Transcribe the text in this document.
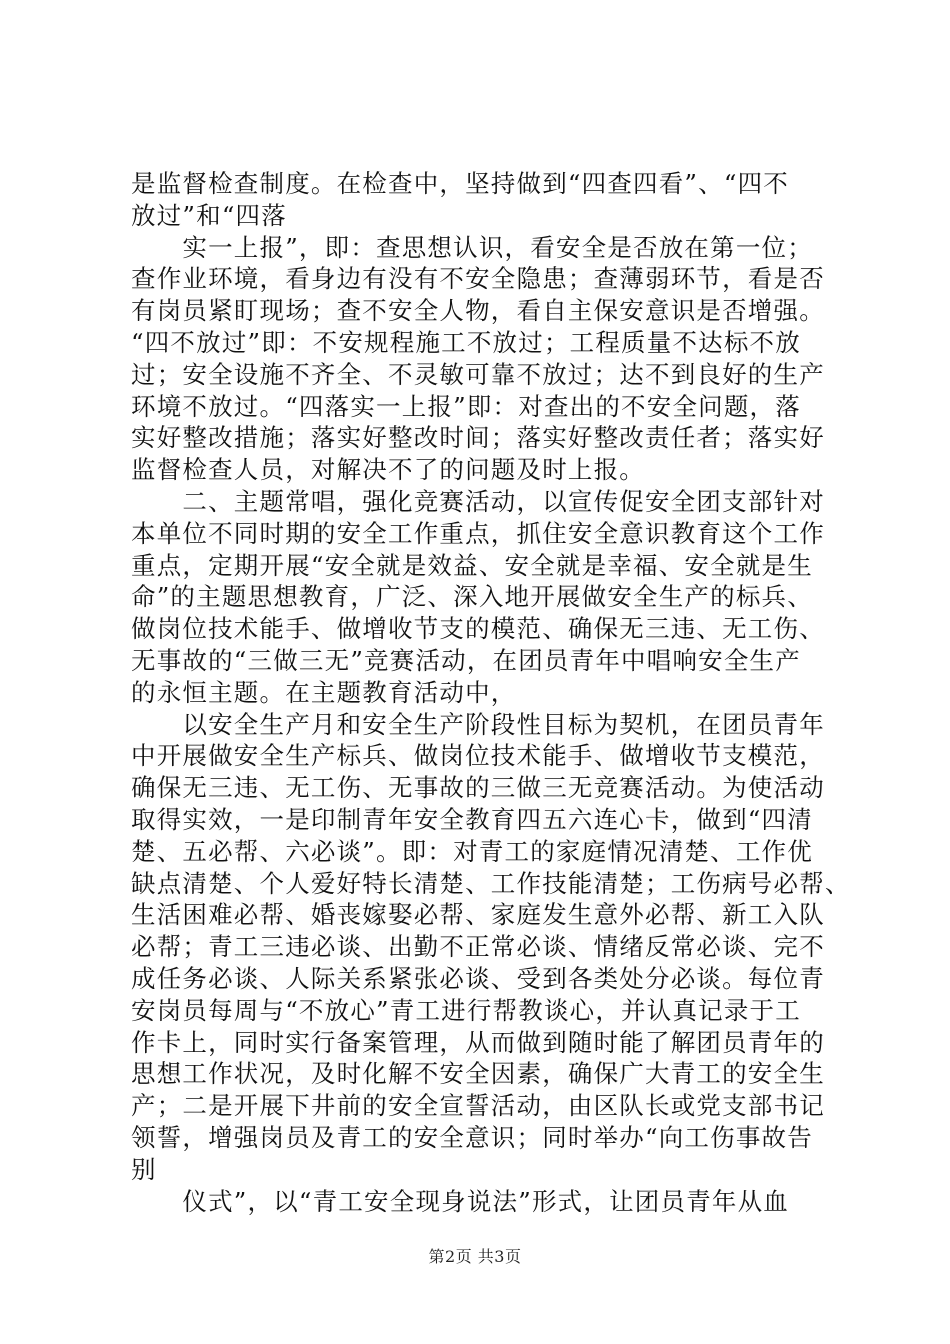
是监督检查制度。在检查中，坚持做到“四查四看”、“四不
放过”和“四落
　　实一上报”，即：查思想认识，看安全是否放在第一位；
查作业环境，看身边有没有不安全隐患；查薄弱环节，看是否
有岗员紧盯现场；查不安全人物，看自主保安意识是否增强。
“四不放过”即：不安规程施工不放过；工程质量不达标不放
过；安全设施不齐全、不灵敏可靠不放过；达不到良好的生产
环境不放过。“四落实一上报”即：对查出的不安全问题，落
实好整改措施；落实好整改时间；落实好整改责任者；落实好
监督检查人员，对解决不了的问题及时上报。
　　二、主题常唱，强化竞赛活动，以宣传促安全团支部针对
本单位不同时期的安全工作重点，抓住安全意识教育这个工作
重点，定期开展“安全就是效益、安全就是幸福、安全就是生
命”的主题思想教育，广泛、深入地开展做安全生产的标兵、
做岗位技术能手、做增收节支的模范、确保无三违、无工伤、
无事故的“三做三无”竞赛活动，在团员青年中唱响安全生产
的永恒主题。在主题教育活动中，
　　以安全生产月和安全生产阶段性目标为契机，在团员青年
中开展做安全生产标兵、做岗位技术能手、做增收节支模范，
确保无三违、无工伤、无事故的三做三无竞赛活动。为使活动
取得实效，一是印制青年安全教育四五六连心卡，做到“四清
楚、五必帮、六必谈”。即：对青工的家庭情况清楚、工作优
缺点清楚、个人爱好特长清楚、工作技能清楚；工伤病号必帮、
生活困难必帮、婚丧嫁娶必帮、家庭发生意外必帮、新工入队
必帮；青工三违必谈、出勤不正常必谈、情绪反常必谈、完不
成任务必谈、人际关系紧张必谈、受到各类处分必谈。每位青
安岗员每周与“不放心”青工进行帮教谈心，并认真记录于工
作卡上，同时实行备案管理，从而做到随时能了解团员青年的
思想工作状况，及时化解不安全因素，确保广大青工的安全生
产；二是开展下井前的安全宣誓活动，由区队长或党支部书记
领誓，增强岗员及青工的安全意识；同时举办“向工伤事故告
别
　　仪式”，以“青工安全现身说法”形式，让团员青年从血
第2页 共3页
